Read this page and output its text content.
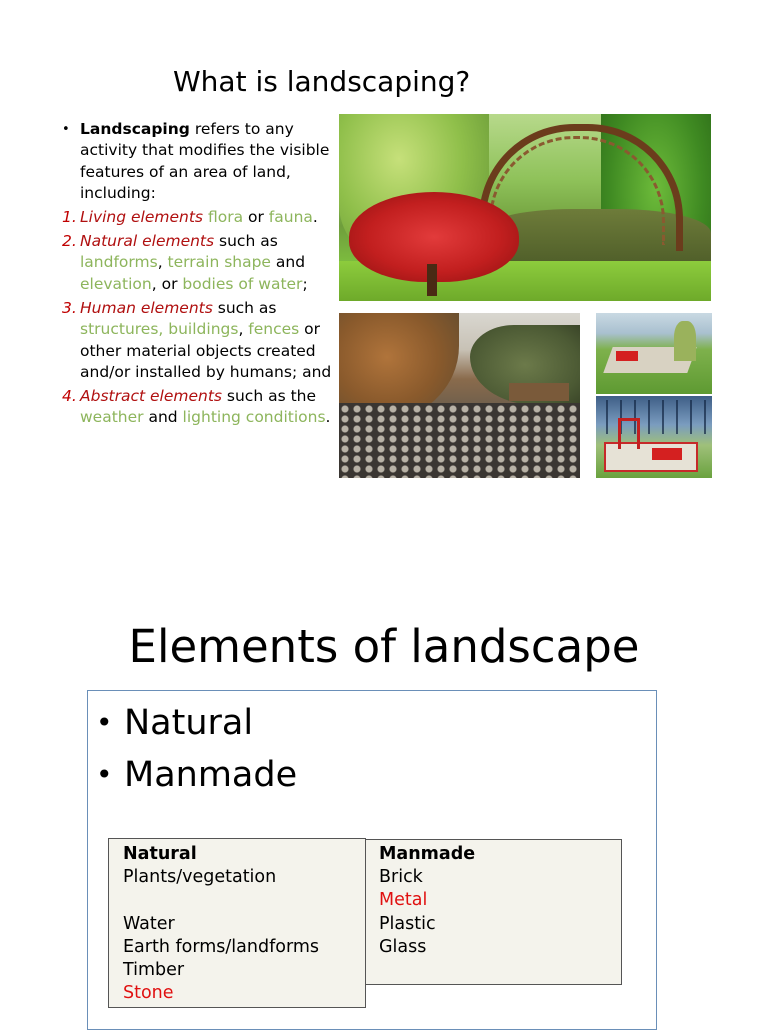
What is landscaping?
• Landscaping refers to any activity that modifies the visible features of an area of land, including:
1. Living elements flora or fauna.
2. Natural elements such as landforms, terrain shape and elevation, or bodies of water;
3. Human elements such as structures, buildings, fences or other material objects created and/or installed by humans; and
4. Abstract elements such as the weather and lighting conditions.
Elements of landscape
• Natural
• Manmade
Natural
Plants/vegetation
Water
Earth forms/landforms
Timber
Stone
Manmade
Brick
Metal
Plastic
Glass
